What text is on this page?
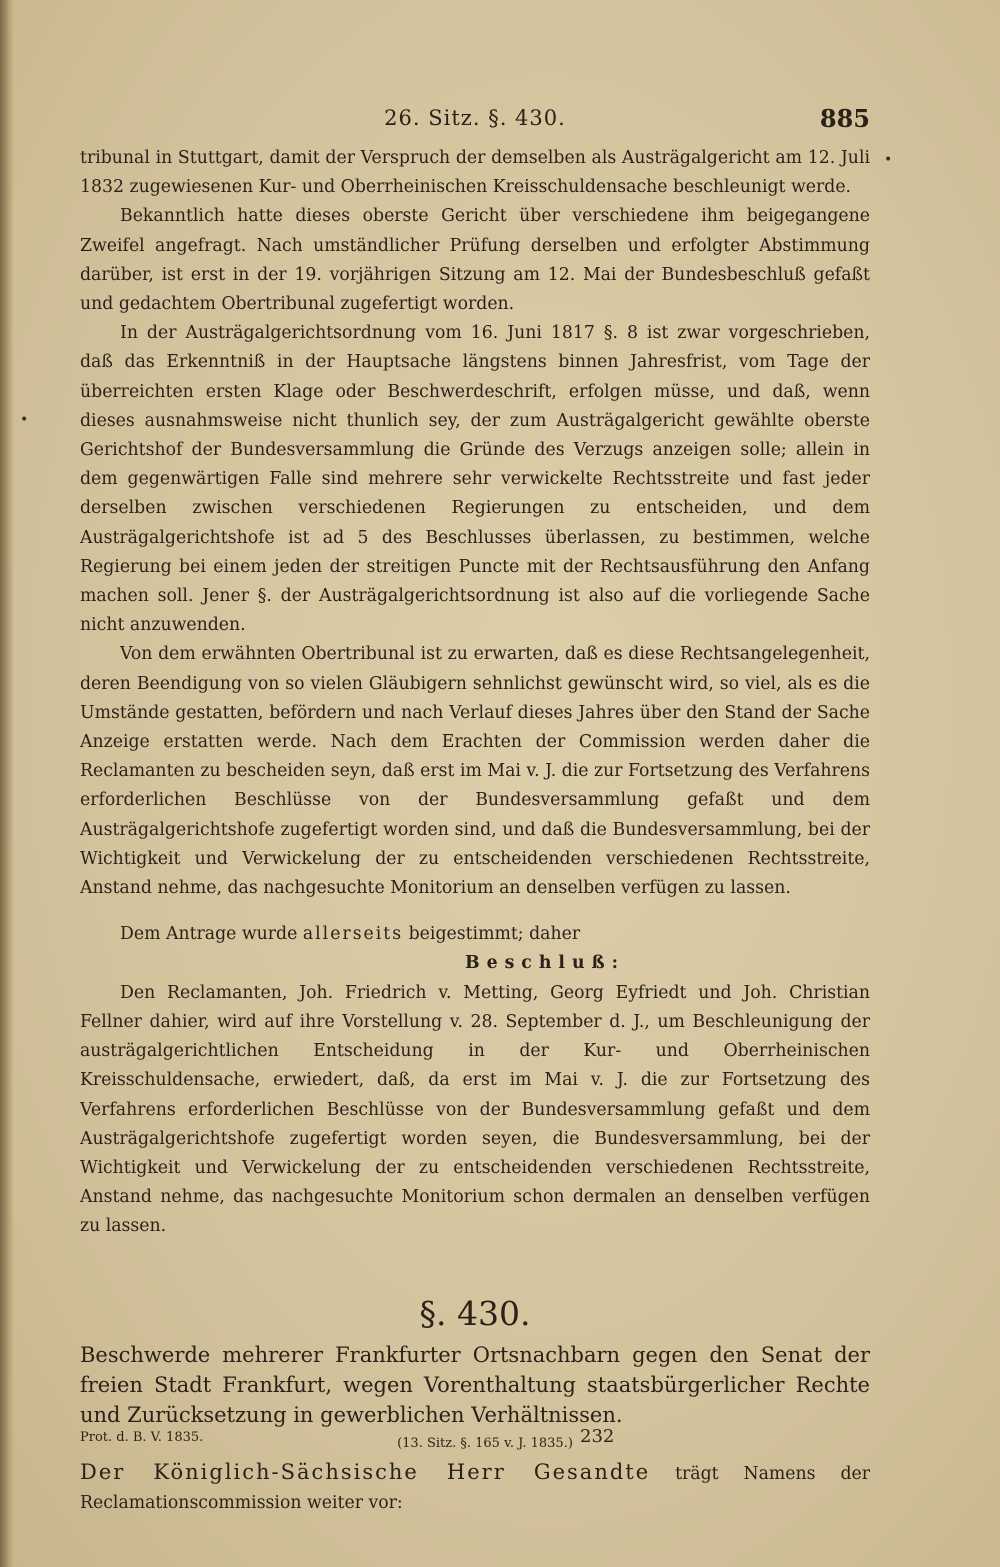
26. Sitz. §. 430.	885
•
•

tribunal in Stuttgart, damit der Verspruch der demselben als Austrägalgericht am 12. Juli 1832 zugewiesenen Kur- und Oberrheinischen Kreisschuldensache beschleunigt werde.

Bekanntlich hatte dieses oberste Gericht über verschiedene ihm beigegangene Zweifel angefragt. Nach umständlicher Prüfung derselben und erfolgter Abstimmung darüber, ist erst in der 19. vorjährigen Sitzung am 12. Mai der Bundesbeschluß gefaßt und gedachtem Obertribunal zugefertigt worden.

In der Austrägalgerichtsordnung vom 16. Juni 1817 §. 8 ist zwar vorgeschrieben, daß das Erkenntniß in der Hauptsache längstens binnen Jahresfrist, vom Tage der überreichten ersten Klage oder Beschwerdeschrift, erfolgen müsse, und daß, wenn dieses ausnahmsweise nicht thunlich sey, der zum Austrägalgericht gewählte oberste Gerichtshof der Bundesversammlung die Gründe des Verzugs anzeigen solle; allein in dem gegenwärtigen Falle sind mehrere sehr verwickelte Rechtsstreite und fast jeder derselben zwischen verschiedenen Regierungen zu entscheiden, und dem Austrägalgerichtshofe ist ad 5 des Beschlusses überlassen, zu bestimmen, welche Regierung bei einem jeden der streitigen Puncte mit der Rechtsausführung den Anfang machen soll. Jener §. der Austrägalgerichtsordnung ist also auf die vorliegende Sache nicht anzuwenden.

Von dem erwähnten Obertribunal ist zu erwarten, daß es diese Rechtsangelegenheit, deren Beendigung von so vielen Gläubigern sehnlichst gewünscht wird, so viel, als es die Umstände gestatten, befördern und nach Verlauf dieses Jahres über den Stand der Sache Anzeige erstatten werde. Nach dem Erachten der Commission werden daher die Reclamanten zu bescheiden seyn, daß erst im Mai v. J. die zur Fortsetzung des Verfahrens erforderlichen Beschlüsse von der Bundesversammlung gefaßt und dem Austrägalgerichtshofe zugefertigt worden sind, und daß die Bundesversammlung, bei der Wichtigkeit und Verwickelung der zu entscheidenden verschiedenen Rechtsstreite, Anstand nehme, das nachgesuchte Monitorium an denselben verfügen zu lassen.

Dem Antrage wurde allerseits beigestimmt; daher

Beschluß:

Den Reclamanten, Joh. Friedrich v. Metting, Georg Eyfriedt und Joh. Christian Fellner dahier, wird auf ihre Vorstellung v. 28. September d. J., um Beschleunigung der austrägalgerichtlichen Entscheidung in der Kur- und Oberrheinischen Kreisschuldensache, erwiedert, daß, da erst im Mai v. J. die zur Fortsetzung des Verfahrens erforderlichen Beschlüsse von der Bundesversammlung gefaßt und dem Austrägalgerichtshofe zugefertigt worden seyen, die Bundesversammlung, bei der Wichtigkeit und Verwickelung der zu entscheidenden verschiedenen Rechtsstreite, Anstand nehme, das nachgesuchte Monitorium schon dermalen an denselben verfügen zu lassen.

§. 430.
Beschwerde mehrerer Frankfurter Ortsnachbarn gegen den Senat der freien Stadt Frankfurt, wegen Vorenthaltung staatsbürgerlicher Rechte und Zurücksetzung in gewerblichen Verhältnissen.
(13. Sitz. §. 165 v. J. 1835.)
Der Königlich-Sächsische Herr Gesandte trägt Namens der Reclamationscommission weiter vor:
Prot. d. B. V. 1835.	232
